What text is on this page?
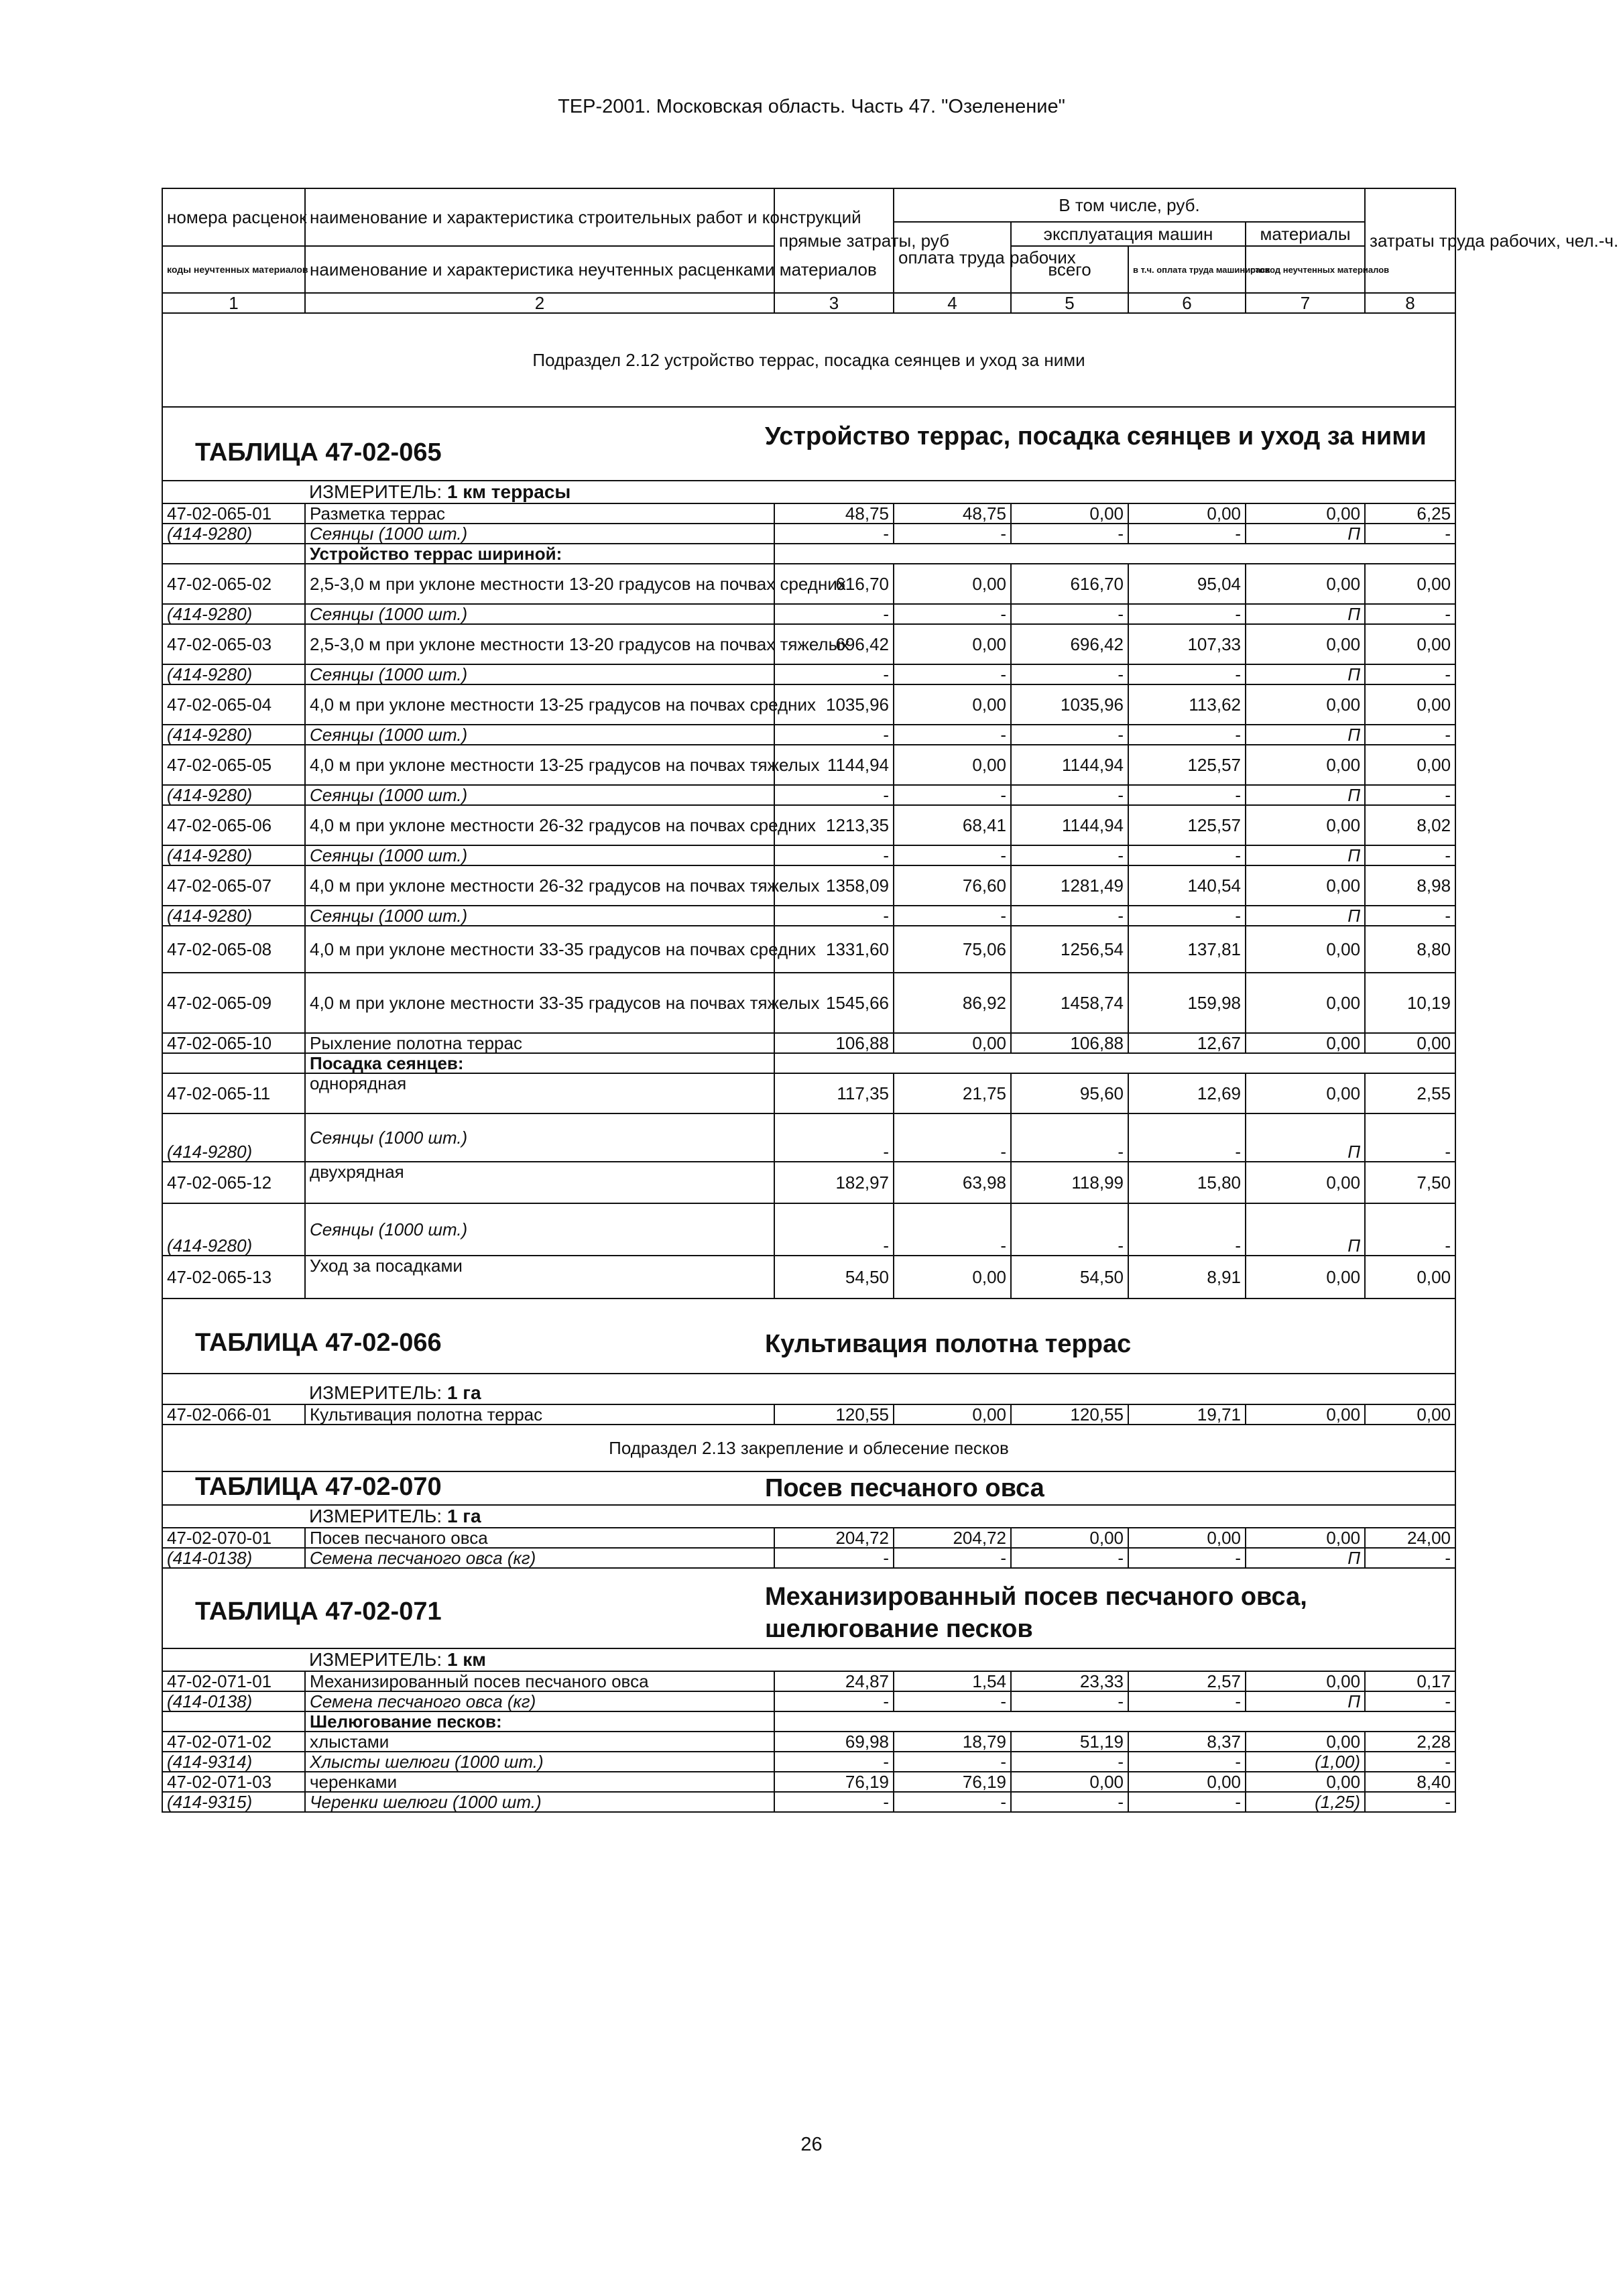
ТЕР-2001. Московская область. Часть 47. "Озеленение"
номера расценок	наименование и характеристика строительных работ и конструкций	прямые затраты, руб	В том числе, руб.				затраты труда рабочих, чел.-ч.
			оплата труда рабочих	эксплуатация машин		материалы	
коды неучтенных материалов	наименование и характеристика неучтенных расценками материалов			всего	в т.ч. оплата труда машинистов	расход неучтенных материалов	

1	2	3	4	5	6	7	8
Подраздел 2.12 устройство террас, посадка сеянцев и уход за ними							

ТАБЛИЦА 47-02-065
Устройство террас, посадка сеянцев и уход за ними							

ИЗМЕРИТЕЛЬ: 1 км террасы							

47-02-065-01	Разметка террас	48,75	48,75	0,00	0,00	0,00	6,25
(414-9280)	Сеянцы (1000 шт.)	-	-	-	-	П	-
	Устройство террас шириной:						
47-02-065-02	2,5-3,0 м при уклоне местности 13-20 градусов на почвах средних	616,70	0,00	616,70	95,04	0,00	0,00
(414-9280)	Сеянцы (1000 шт.)	-	-	-	-	П	-
47-02-065-03	2,5-3,0 м при уклоне местности 13-20 градусов на почвах тяжелых	696,42	0,00	696,42	107,33	0,00	0,00
(414-9280)	Сеянцы (1000 шт.)	-	-	-	-	П	-
47-02-065-04	4,0 м при уклоне местности 13-25 градусов на почвах средних	1035,96	0,00	1035,96	113,62	0,00	0,00
(414-9280)	Сеянцы (1000 шт.)	-	-	-	-	П	-
47-02-065-05	4,0 м при уклоне местности 13-25 градусов на почвах тяжелых	1144,94	0,00	1144,94	125,57	0,00	0,00
(414-9280)	Сеянцы (1000 шт.)	-	-	-	-	П	-
47-02-065-06	4,0 м при уклоне местности 26-32 градусов на почвах средних	1213,35	68,41	1144,94	125,57	0,00	8,02
(414-9280)	Сеянцы (1000 шт.)	-	-	-	-	П	-
47-02-065-07	4,0 м при уклоне местности 26-32 градусов на почвах тяжелых	1358,09	76,60	1281,49	140,54	0,00	8,98
(414-9280)	Сеянцы (1000 шт.)	-	-	-	-	П	-
47-02-065-08	4,0 м при уклоне местности 33-35 градусов на почвах средних	1331,60	75,06	1256,54	137,81	0,00	8,80
47-02-065-09	4,0 м при уклоне местности 33-35 градусов на почвах тяжелых	1545,66	86,92	1458,74	159,98	0,00	10,19
47-02-065-10	Рыхление полотна террас	106,88	0,00	106,88	12,67	0,00	0,00
	Посадка сеянцев:						
47-02-065-11	однорядная	117,35	21,75	95,60	12,69	0,00	2,55
(414-9280)	Сеянцы (1000 шт.)	-	-	-	-	П	-
47-02-065-12	двухрядная	182,97	63,98	118,99	15,80	0,00	7,50
(414-9280)	Сеянцы (1000 шт.)	-	-	-	-	П	-
47-02-065-13	Уход за посадками	54,50	0,00	54,50	8,91	0,00	0,00

ТАБЛИЦА 47-02-066 Культивация полотна террас							

ИЗМЕРИТЕЛЬ: 1 га							

47-02-066-01	Культивация полотна террас	120,55	0,00	120,55	19,71	0,00	0,00
Подраздел 2.13 закрепление и облесение песков							

ТАБЛИЦА 47-02-070 Посев песчаного овса							

ИЗМЕРИТЕЛЬ: 1 га							

47-02-070-01	Посев песчаного овса	204,72	204,72	0,00	0,00	0,00	24,00
(414-0138)	Семена песчаного овса (кг)	-	-	-	-	П	-

ТАБЛИЦА 47-02-071
Механизированный посев песчаного овса, шелюгование песков							

ИЗМЕРИТЕЛЬ: 1 км							

47-02-071-01	Механизированный посев песчаного овса	24,87	1,54	23,33	2,57	0,00	0,17
(414-0138)	Семена песчаного овса (кг)	-	-	-	-	П	-
	Шелюгование песков:						
47-02-071-02	хлыстами	69,98	18,79	51,19	8,37	0,00	2,28
(414-9314)	Хлысты шелюги (1000 шт.)	-	-	-	-	(1,00)	-
47-02-071-03	черенками	76,19	76,19	0,00	0,00	0,00	8,40
(414-9315)	Черенки шелюги (1000 шт.)	-	-	-	-	(1,25)	-
26
